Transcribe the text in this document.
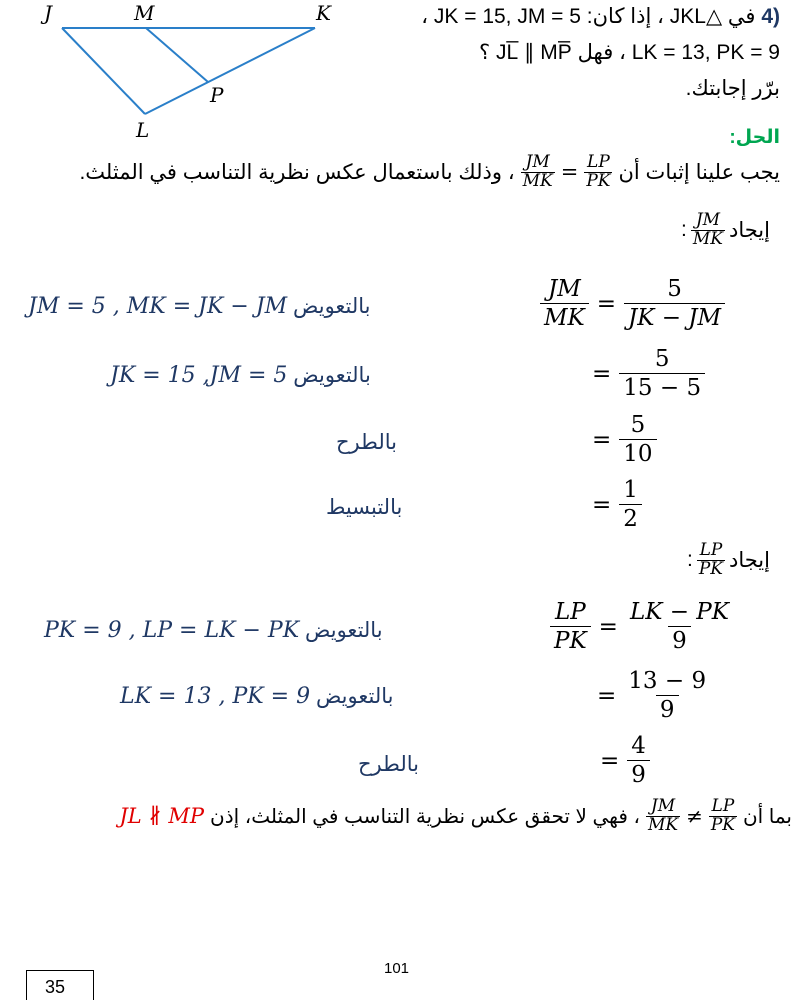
J	M	K
P
L
4) في △JKL ، إذا كان: JK = 15, JM = 5 ،
LK = 13, PK = 9 ، فهل JL̅ ∥ MP̅ ؟
برّر إجابتك.
الحل:
يجب علينا إثبات أن
$\frac{JM}{MK} = \frac{LP}{PK}$
، وذلك باستعمال عكس نظرية التناسب في المثلث.
إيجاد
$\frac{JM}{MK}$
:
$\frac{JM}{MK} = \frac{5}{JK - JM}$
JM = 5 , MK = JK − JM بالتعويض
= $\frac{5}{15 - 5}$
JK = 15 ,JM = 5 بالتعويض
= $\frac{5}{10}$
بالطرح
= $\frac{1}{2}$
بالتبسيط
إيجاد
$\frac{LP}{PK}$
:
$\frac{LP}{PK} = \frac{LK - PK}{9}$
PK = 9 , LP = LK − PK بالتعويض
= $\frac{13 - 9}{9}$
LK = 13 , PK = 9 بالتعويض
= $\frac{4}{9}$
بالطرح
بما أن
$\frac{JM}{MK} \ne \frac{LP}{PK}$
، فهي لا تحقق عكس نظرية التناسب في المثلث، إذن
JL ∦ MP
101
35
